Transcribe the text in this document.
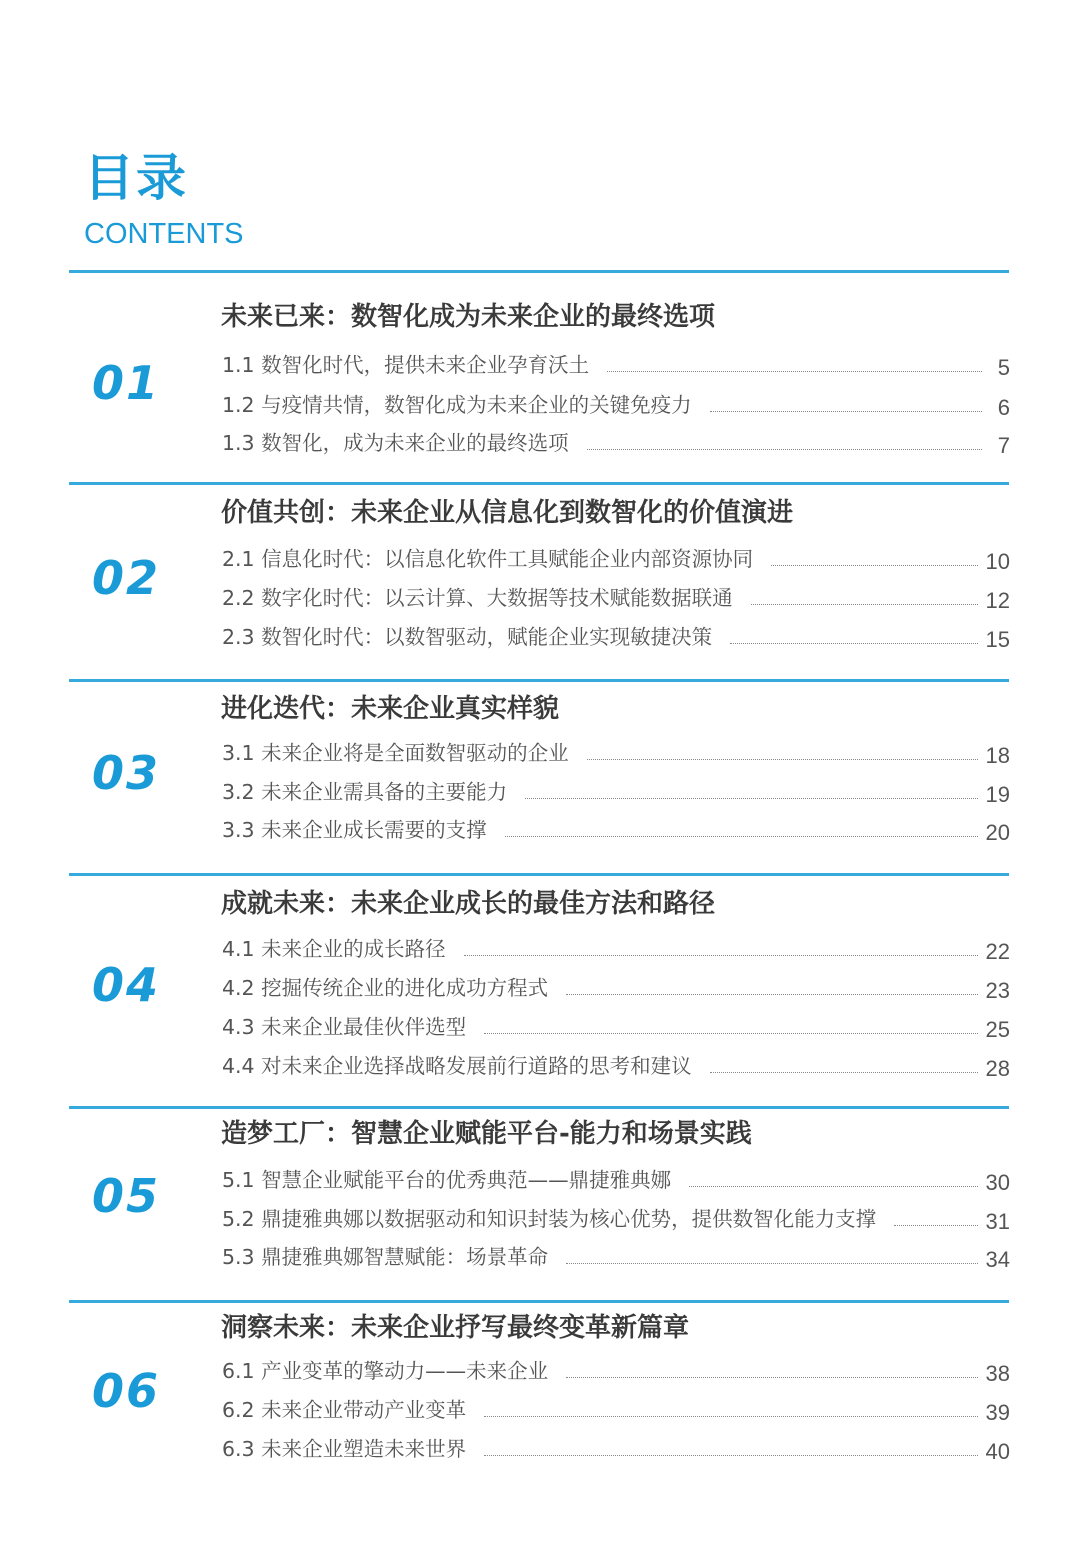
目录
CONTENTS
01
未来已来：数智化成为未来企业的最终选项
1.1 数智化时代，提供未来企业孕育沃土	5
1.2 与疫情共情，数智化成为未来企业的关键免疫力	6
1.3 数智化，成为未来企业的最终选项	7
02
价值共创：未来企业从信息化到数智化的价值演进
2.1 信息化时代：以信息化软件工具赋能企业内部资源协同	10
2.2 数字化时代：以云计算、大数据等技术赋能数据联通	12
2.3 数智化时代：以数智驱动，赋能企业实现敏捷决策	15
03
进化迭代：未来企业真实样貌
3.1 未来企业将是全面数智驱动的企业	18
3.2 未来企业需具备的主要能力	19
3.3 未来企业成长需要的支撑	20
04
成就未来：未来企业成长的最佳方法和路径
4.1 未来企业的成长路径	22
4.2 挖掘传统企业的进化成功方程式	23
4.3 未来企业最佳伙伴选型	25
4.4 对未来企业选择战略发展前行道路的思考和建议	28
05
造梦工厂：智慧企业赋能平台-能力和场景实践
5.1 智慧企业赋能平台的优秀典范——鼎捷雅典娜	30
5.2 鼎捷雅典娜以数据驱动和知识封装为核心优势，提供数智化能力支撑	31
5.3 鼎捷雅典娜智慧赋能：场景革命	34
06
洞察未来：未来企业抒写最终变革新篇章
6.1 产业变革的擎动力——未来企业	38
6.2 未来企业带动产业变革	39
6.3 未来企业塑造未来世界	40
